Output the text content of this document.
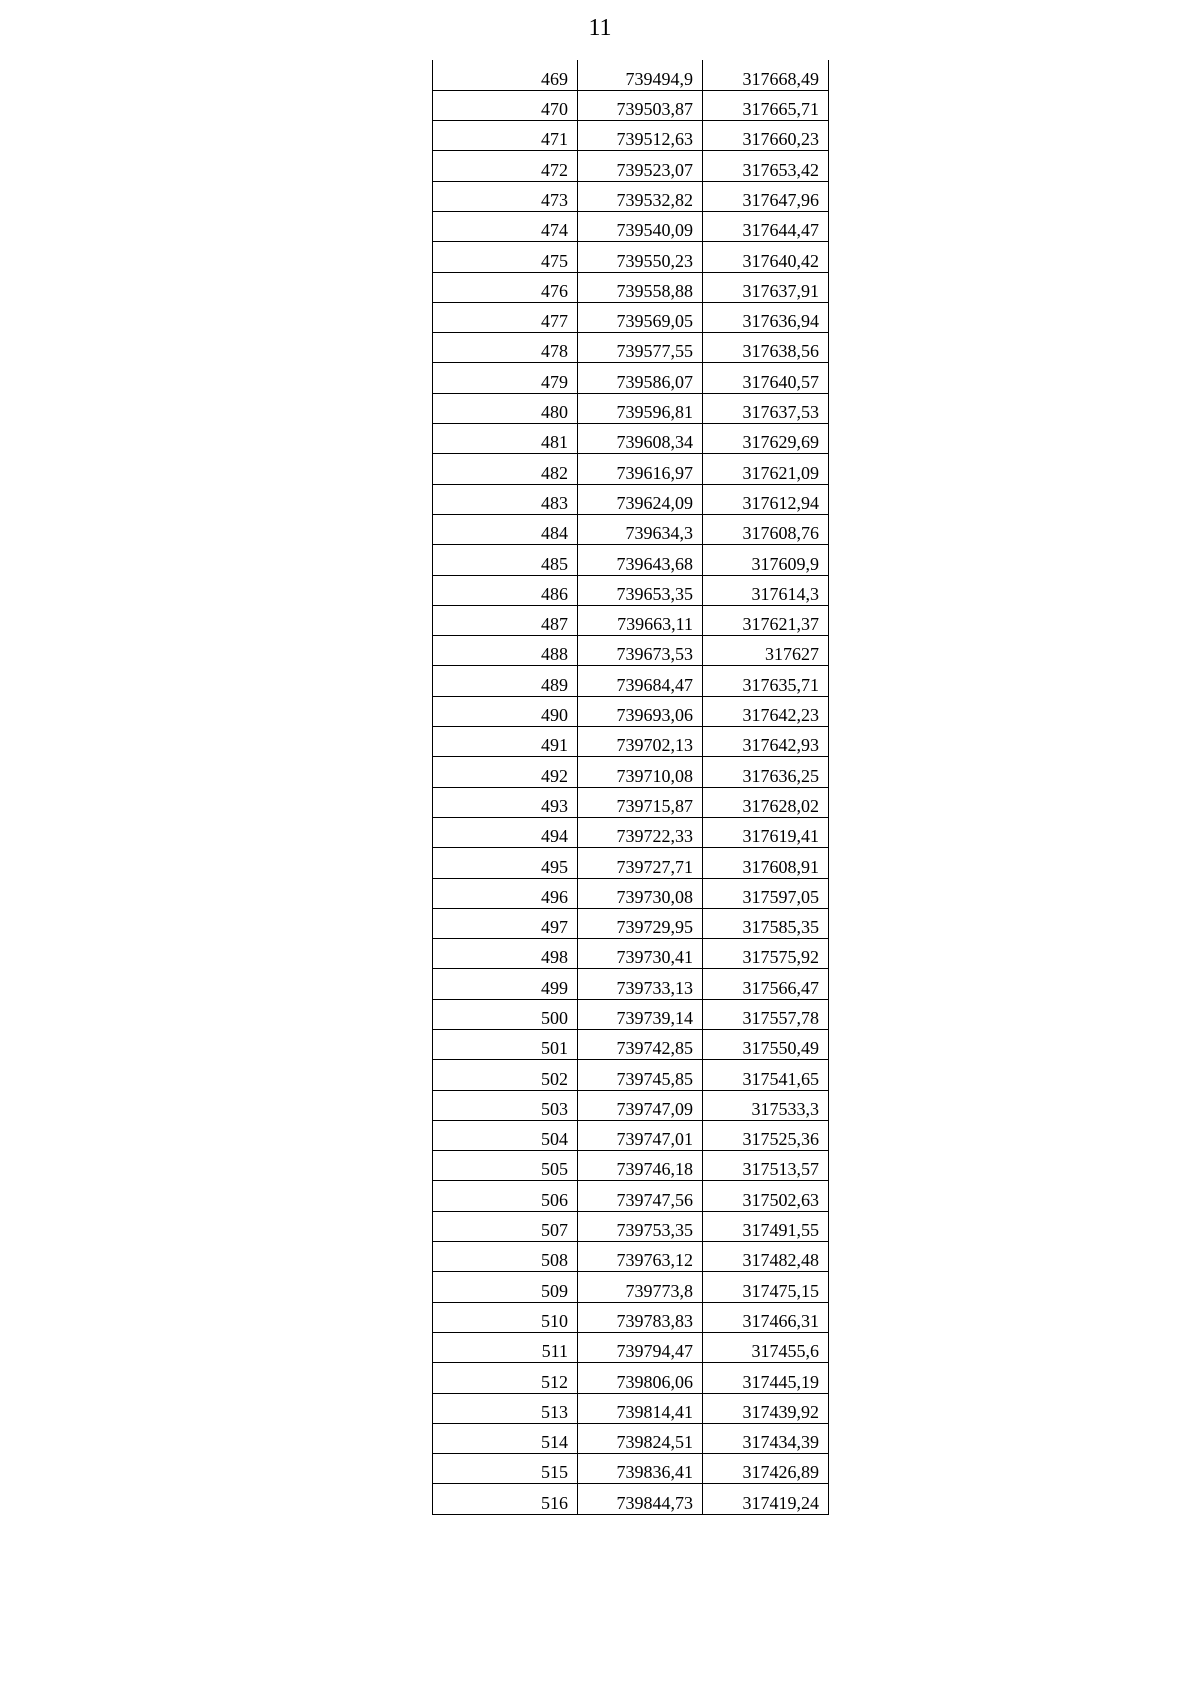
11
469	739494,9	317668,49
470	739503,87	317665,71
471	739512,63	317660,23
472	739523,07	317653,42
473	739532,82	317647,96
474	739540,09	317644,47
475	739550,23	317640,42
476	739558,88	317637,91
477	739569,05	317636,94
478	739577,55	317638,56
479	739586,07	317640,57
480	739596,81	317637,53
481	739608,34	317629,69
482	739616,97	317621,09
483	739624,09	317612,94
484	739634,3	317608,76
485	739643,68	317609,9
486	739653,35	317614,3
487	739663,11	317621,37
488	739673,53	317627
489	739684,47	317635,71
490	739693,06	317642,23
491	739702,13	317642,93
492	739710,08	317636,25
493	739715,87	317628,02
494	739722,33	317619,41
495	739727,71	317608,91
496	739730,08	317597,05
497	739729,95	317585,35
498	739730,41	317575,92
499	739733,13	317566,47
500	739739,14	317557,78
501	739742,85	317550,49
502	739745,85	317541,65
503	739747,09	317533,3
504	739747,01	317525,36
505	739746,18	317513,57
506	739747,56	317502,63
507	739753,35	317491,55
508	739763,12	317482,48
509	739773,8	317475,15
510	739783,83	317466,31
511	739794,47	317455,6
512	739806,06	317445,19
513	739814,41	317439,92
514	739824,51	317434,39
515	739836,41	317426,89
516	739844,73	317419,24
